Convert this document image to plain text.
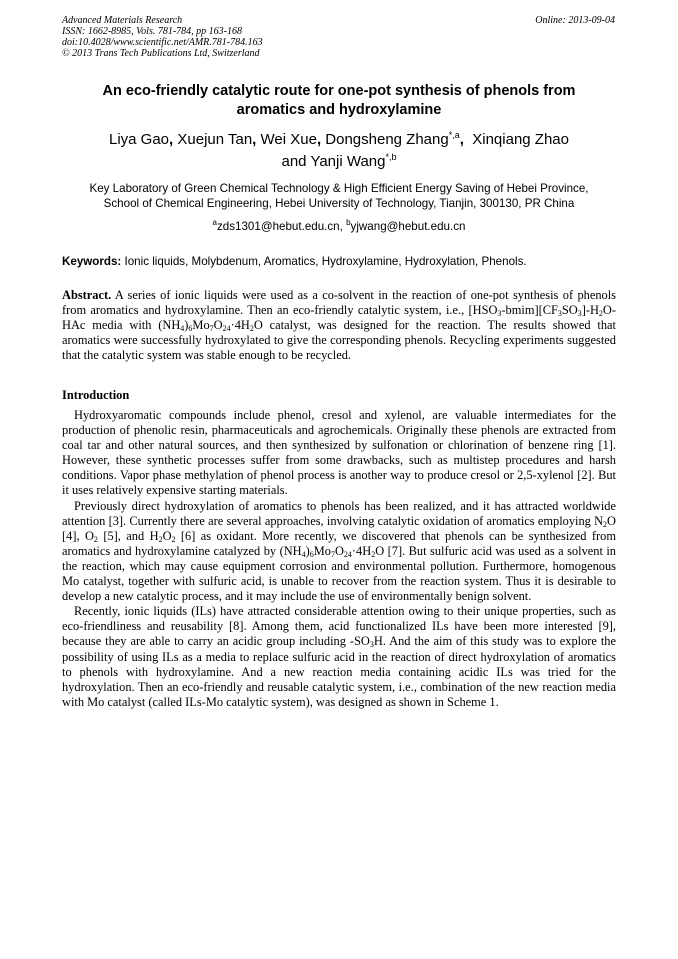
Advanced Materials Research
ISSN: 1662-8985, Vols. 781-784, pp 163-168
doi:10.4028/www.scientific.net/AMR.781-784.163
© 2013 Trans Tech Publications Ltd, Switzerland
Online: 2013-09-04
An eco-friendly catalytic route for one-pot synthesis of phenols from
aromatics and hydroxylamine
Liya Gao, Xuejun Tan, Wei Xue, Dongsheng Zhang$^{*,a}$, Xinqiang Zhao
and Yanji Wang$^{*,b}$
Key Laboratory of Green Chemical Technology & High Efficient Energy Saving of Hebei Province,
School of Chemical Engineering, Hebei University of Technology, Tianjin, 300130, PR China
$^a$zds1301@hebut.edu.cn, $^b$yjwang@hebut.edu.cn
Keywords: Ionic liquids, Molybdenum, Aromatics, Hydroxylamine, Hydroxylation, Phenols.
Abstract. A series of ionic liquids were used as a co-solvent in the reaction of one-pot synthesis of phenols from aromatics and hydroxylamine. Then an eco-friendly catalytic system, i.e., $[HSO_3-bmim][CF_3SO_3]-H_2O$-HAc media with $(NH_4)_6Mo_7O_{24}\cdot 4H_2O$ catalyst, was designed for the reaction. The results showed that aromatics were successfully hydroxylated to give the corresponding phenols. Recycling experiments suggested that the catalytic system was stable enough to be recycled.
Introduction

Hydroxyaromatic compounds include phenol, cresol and xylenol, are valuable intermediates for the production of phenolic resin, pharmaceuticals and agrochemicals. Originally these phenols are extracted from coal tar and other natural sources, and then synthesized by sulfonation or chlorination of benzene ring [1]. However, these synthetic processes suffer from some drawbacks, such as multistep procedures and harsh conditions. Vapor phase methylation of phenol process is another way to produce cresol or 2,5-xylenol [2]. But it uses relatively expensive starting materials.

Previously direct hydroxylation of aromatics to phenols has been realized, and it has attracted worldwide attention [3]. Currently there are several approaches, involving catalytic oxidation of aromatics employing $N_2O$ [4], $O_2$ [5], and $H_2O_2$ [6] as oxidant. More recently, we discovered that phenols can be synthesized from aromatics and hydroxylamine catalyzed by $(NH_4)_6Mo_7O_{24}\cdot 4H_2O$ [7]. But sulfuric acid was used as a solvent in the reaction, which may cause equipment corrosion and environmental pollution. Furthermore, homogenous Mo catalyst, together with sulfuric acid, is unable to recover from the reaction system. Thus it is desirable to develop a new catalytic process, and it may include the use of environmentally benign solvent.

Recently, ionic liquids (ILs) have attracted considerable attention owing to their unique properties, such as eco-friendliness and reusability [8]. Among them, acid functionalized ILs have been more interested [9], because they are able to carry an acidic group including $-SO_3H$. And the aim of this study was to explore the possibility of using ILs as a media to replace sulfuric acid in the reaction of direct hydroxylation of aromatics to phenols with hydroxylamine. And a new reaction media containing acidic ILs was tried for the hydroxylation. Then an eco-friendly and reusable catalytic system, i.e., combination of the new reaction media with Mo catalyst (called ILs-Mo catalytic system), was designed as shown in Scheme 1.
